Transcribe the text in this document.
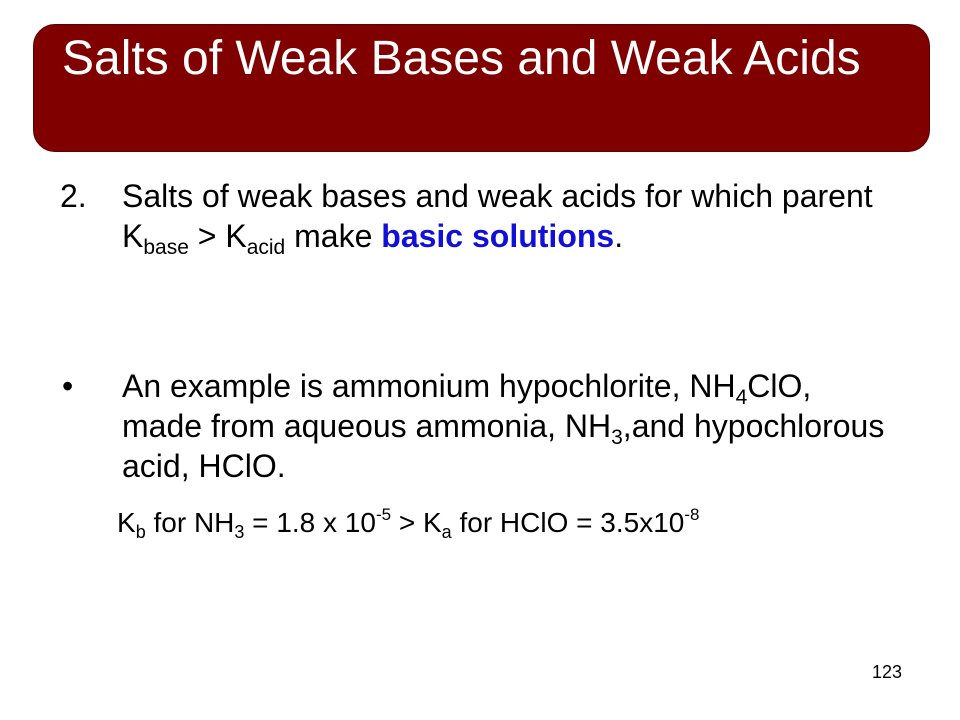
Salts of Weak Bases and Weak Acids
2. Salts of weak bases and weak acids for which parent $K_{base} > K_{acid}$ make basic solutions.
• An example is ammonium hypochlorite, $NH_4ClO$, made from aqueous ammonia, $NH_3,and$ hypochlorous acid, HClO.
$K_b$ for $NH_3 = 1.8$ x $10^{-5} > K_a$ for HClO = $3.5x10^{-8}$
123
